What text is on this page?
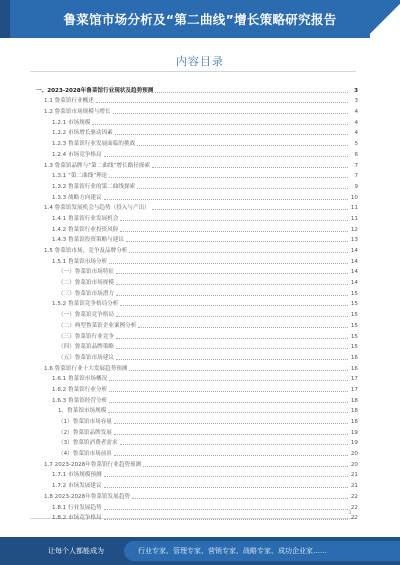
鲁菜馆市场分析及“第二曲线”增长策略研究报告
内容目录
一、2023-2028年鲁菜馆行业现状及趋势预测	3
1.1 鲁菜馆行业概述	3
1.2 鲁菜馆市场规模与增长	4
1.2.1 市场规模	4
1.2.2 市场增长驱动因素	4
1.2.3 鲁菜馆行业发展面临的挑战	5
1.2.4 市场竞争格局	6
1.3 鲁菜馆品牌与“第二曲线”增长路径探索	7
1.3.1 “第二曲线”理论	7
1.3.2 鲁菜馆行业的第二曲线探索	9
1.3.3 战略方向建议	10
1.4 鲁菜馆发展机会与趋势（投入与产出）	11
1.4.1 鲁菜馆行业发展机会	11
1.4.2 鲁菜馆行业投资风险	12
1.4.3 鲁菜馆投资策略与建议	13
1.5 鲁菜馆市场、竞争及品牌分析	14
1.5.1 鲁菜馆市场分析	14
（一）鲁菜馆市场特征	14
（二）鲁菜馆市场规模	14
（三）鲁菜馆市场潜力	15
1.5.2 鲁菜馆竞争格局分析	15
（一）鲁菜馆竞争格局	15
（二）典型鲁菜馆企业案例分析	15
（三）鲁菜馆行业竞争	15
（四）鲁菜馆品牌策略	15
（五）鲁菜馆市场建议	16
1.6 鲁菜馆行业十大发展趋势预测	16
1.6.1 鲁菜馆市场概况	17
1.6.2 鲁菜馆行业分析	17
1.6.3 鲁菜馆经营分析	18
1、鲁菜馆市场规模	18
（1）鲁菜馆市场容量	18
（2）鲁菜馆品牌发展	19
（3）鲁菜馆消费者需求	19
（4）鲁菜馆市场前景	20
1.7 2023-2028年鲁菜馆行业趋势预测	20
1.7.1 市场规模预测	21
1.7.2 市场发展建议	21
1.8 2023-2028年鲁菜馆发展趋势	22
1.8.1 行业发展趋势	22
1.8.2 市场竞争格局	22
1
让每个人都能成为	行业专家、管理专家、营销专家、战略专家、成功企业家……
